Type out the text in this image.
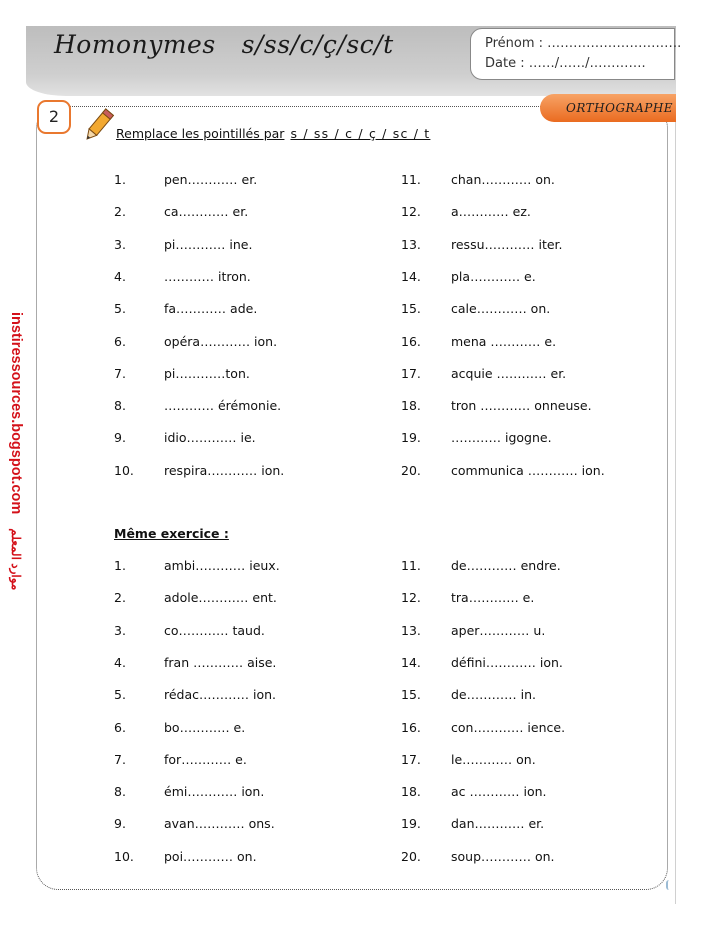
Homonymes s/ss/c/ç/sc/t	Prénom : ………………………….
Date : ……/……/………….
2	ORTHOGRAPHE
Remplace les pointillés par s / ss / c / ç / sc / t
1.	pen………… er.
2.	ca………… er.
3.	pi………… ine.
4.	………… itron.
5.	fa………… ade.
6.	opéra………… ion.
7.	pi…………ton.
8.	………… érémonie.
9.	idio………… ie.
10. respira………… ion.
11. chan………… on.
12. a………… ez.
13. ressu………… iter.
14. pla………… e.
15. cale………… on.
16. mena ………… e.
17. acquie ………… er.
18. tron ………… onneuse.
19. ………… igogne.
20. communica ………… ion.
Même exercice :
1.	ambi………… ieux.
2.	adole………… ent.
3.	co………… taud.
4.	fran ………… aise.
5.	rédac………… ion.
6.	bo………… e.
7.	for………… e.
8.	émi………… ion.
9.	avan………… ons.
10. poi………… on.
11. de………… endre.
12. tra………… e.
13. aper………… u.
14. défini………… ion.
15. de………… in.
16. con………… ience.
17. le………… on.
18. ac ………… ion.
19. dan………… er.
20. soup………… on.
instiressources.bogspot.comموارد المعلم
